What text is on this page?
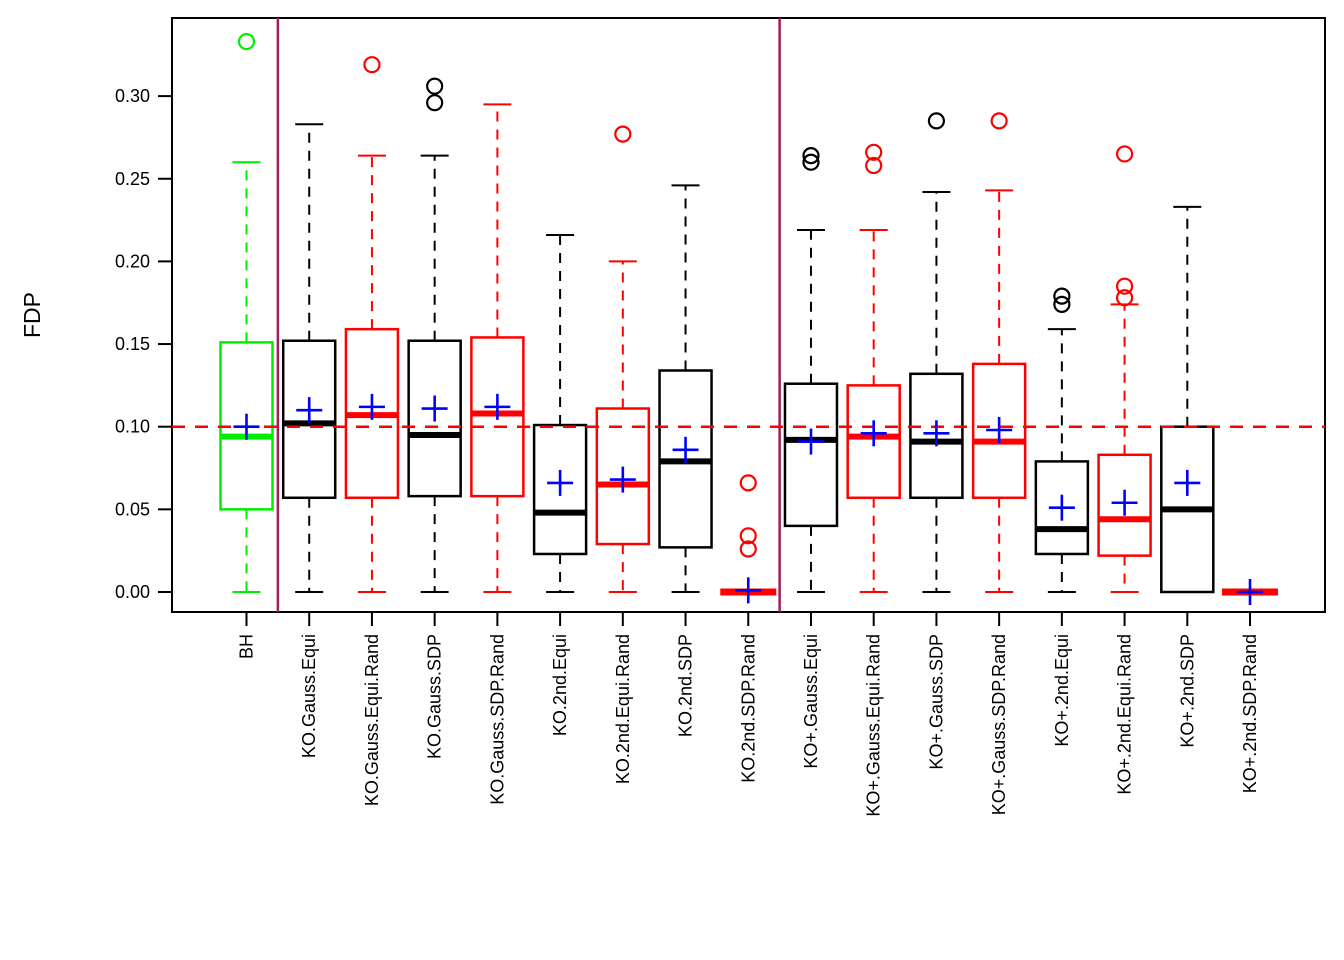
0.00
0.05
0.10
0.15
0.20
0.25
0.30
BH KO.Gauss.Equi KO.Gauss.Equi.Rand KO.Gauss.SDP KO.Gauss.SDP.Rand KO.2nd.Equi KO.2nd.Equi.Rand KO.2nd.SDP KO.2nd.SDP.Rand KO+.Gauss.Equi KO+.Gauss.Equi.Rand KO+.Gauss.SDP KO+.Gauss.SDP.Rand KO+.2nd.Equi KO+.2nd.Equi.Rand KO+.2nd.SDP KO+.2nd.SDP.Rand
FDP
